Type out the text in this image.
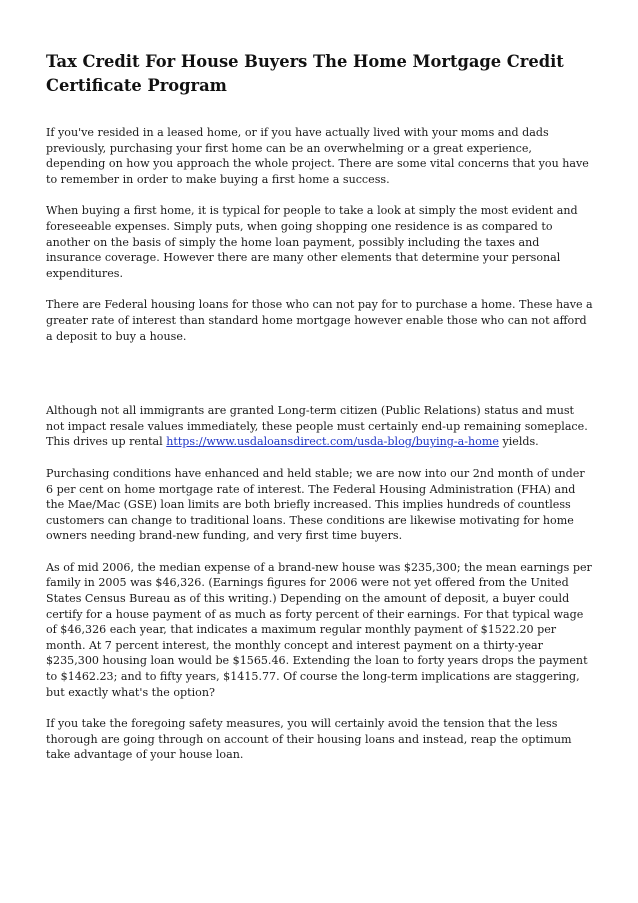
Tax Credit For House Buyers The Home Mortgage Credit Certificate Program

If you've resided in a leased home, or if you have actually lived with your moms and dads previously, purchasing your first home can be an overwhelming or a great experience, depending on how you approach the whole project. There are some vital concerns that you have to remember in order to make buying a first home a success.

When buying a first home, it is typical for people to take a look at simply the most evident and foreseeable expenses. Simply puts, when going shopping one residence is as compared to another on the basis of simply the home loan payment, possibly including the taxes and insurance coverage. However there are many other elements that determine your personal expenditures.

There are Federal housing loans for those who can not pay for to purchase a home. These have a greater rate of interest than standard home mortgage however enable those who can not afford a deposit to buy a house.

Although not all immigrants are granted Long-term citizen (Public Relations) status and must not impact resale values immediately, these people must certainly end-up remaining someplace. This drives up rental https://www.usdaloansdirect.com/usda-blog/buying-a-home yields.

Purchasing conditions have enhanced and held stable; we are now into our 2nd month of under 6 per cent on home mortgage rate of interest. The Federal Housing Administration (FHA) and the Mae/Mac (GSE) loan limits are both briefly increased. This implies hundreds of countless customers can change to traditional loans. These conditions are likewise motivating for home owners needing brand-new funding, and very first time buyers.

As of mid 2006, the median expense of a brand-new house was $235,300; the mean earnings per family in 2005 was $46,326. (Earnings figures for 2006 were not yet offered from the United States Census Bureau as of this writing.) Depending on the amount of deposit, a buyer could certify for a house payment of as much as forty percent of their earnings. For that typical wage of $46,326 each year, that indicates a maximum regular monthly payment of $1522.20 per month. At 7 percent interest, the monthly concept and interest payment on a thirty-year $235,300 housing loan would be $1565.46. Extending the loan to forty years drops the payment to $1462.23; and to fifty years, $1415.77. Of course the long-term implications are staggering, but exactly what's the option?

If you take the foregoing safety measures, you will certainly avoid the tension that the less thorough are going through on account of their housing loans and instead, reap the optimum take advantage of your house loan.
